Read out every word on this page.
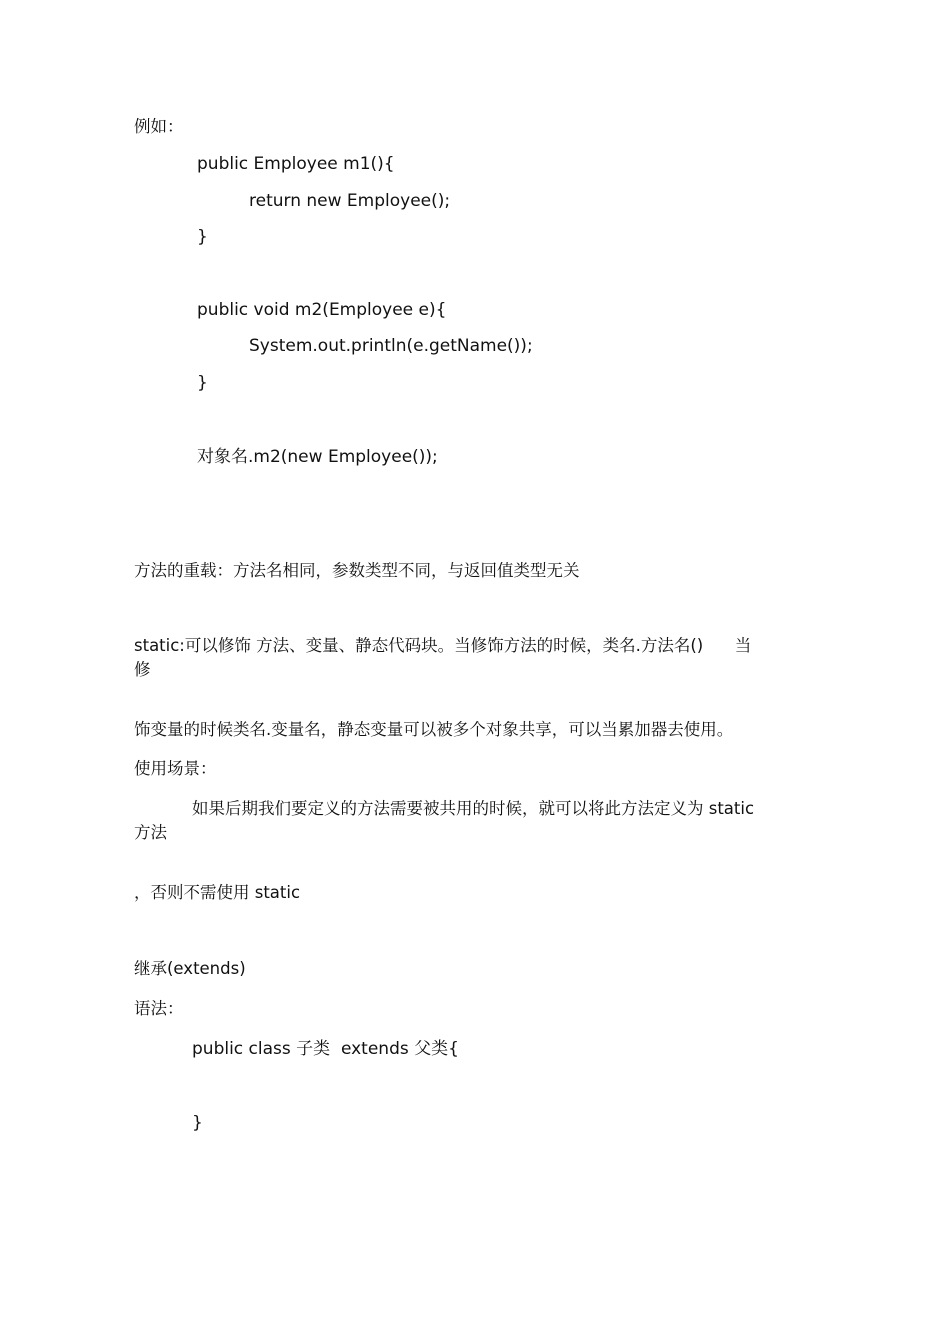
例如：

public Employee m1(){

return new Employee();

}

public void m2(Employee e){

System.out.println(e.getName());

}

对象名.m2(new Employee());

方法的重载：方法名相同，参数类型不同，与返回值类型无关

static:可以修饰 方法、变量、静态代码块。当修饰方法的时候，类名.方法名()      当

修

饰变量的时候类名.变量名，静态变量可以被多个对象共享，可以当累加器去使用。

使用场景：

如果后期我们要定义的方法需要被共用的时候，就可以将此方法定义为 static

方法

，否则不需使用 static

继承(extends)

语法：

public class 子类  extends 父类{

}
